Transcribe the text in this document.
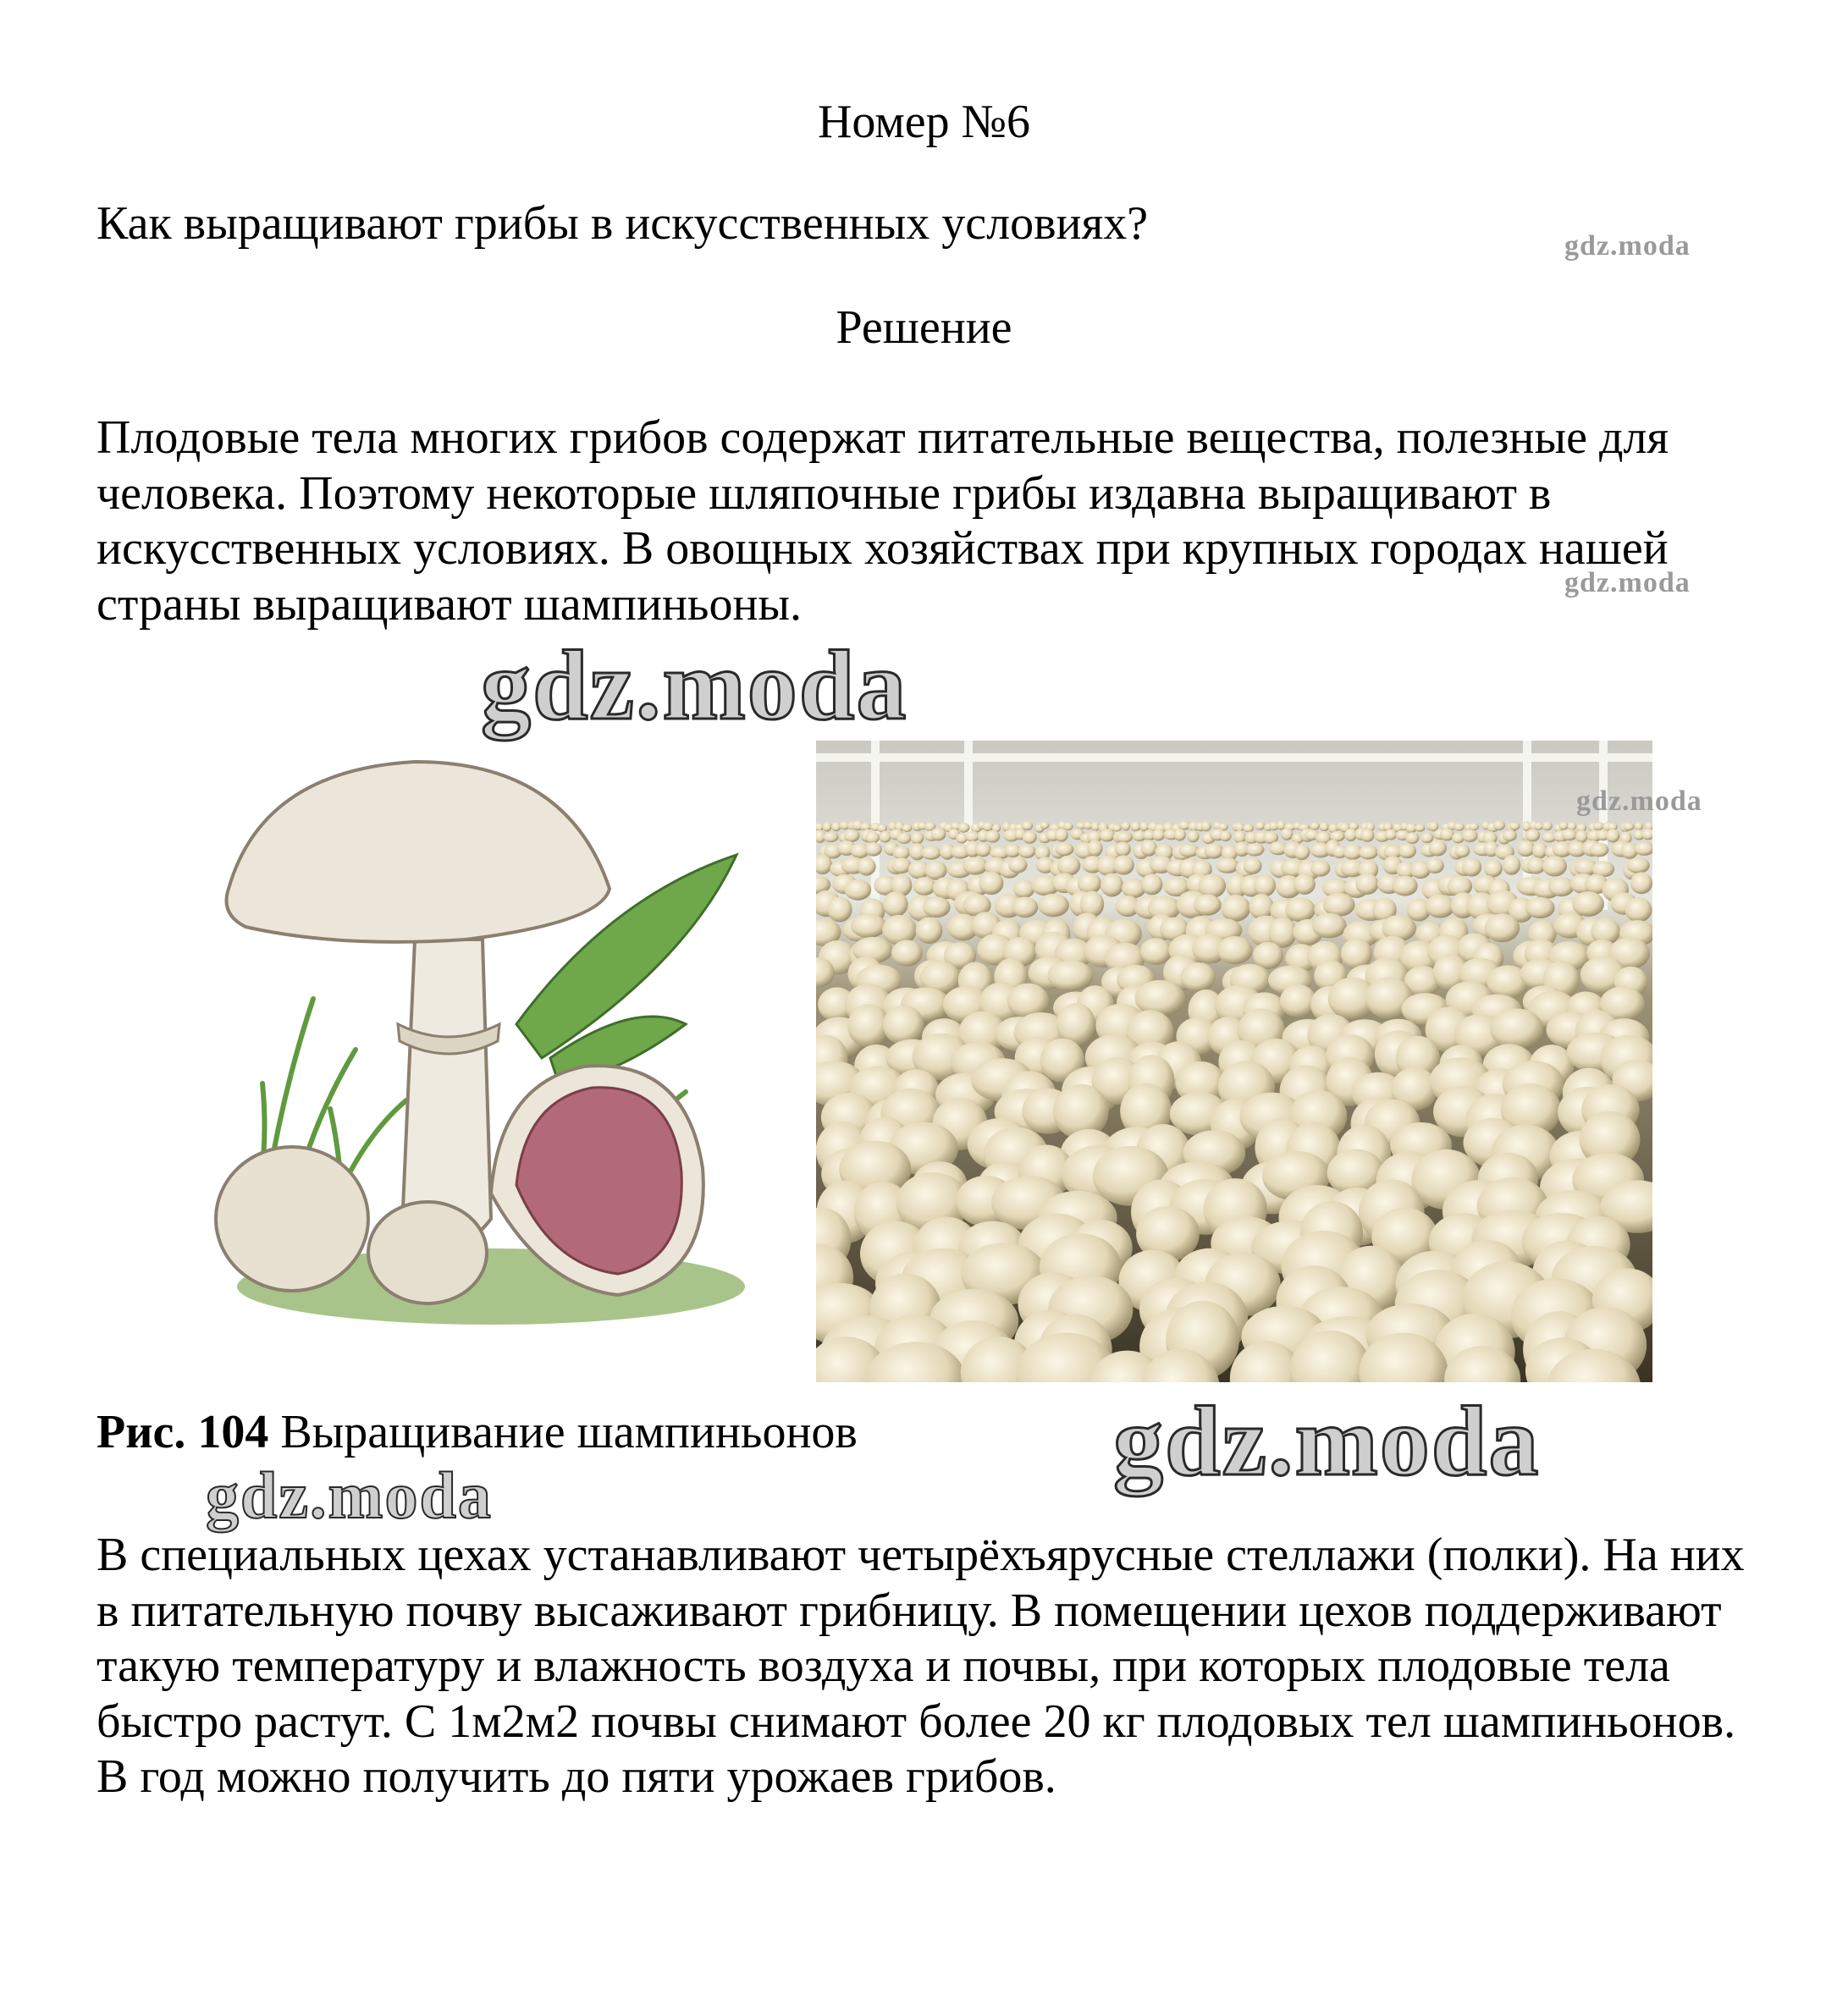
Номер №6

Как выращивают грибы в искусственных условиях?

Решение

Плодовые тела многих грибов содержат питательные вещества, полезные для человека. Поэтому некоторые шляпочные грибы издавна выращивают в искусственных условиях. В овощных хозяйствах при крупных городах нашей страны выращивают шампиньоны.

Рис. 104 Выращивание шампиньонов

В специальных цехах устанавливают четырёхъярусные стеллажи (полки). На них в питательную почву высаживают грибницу. В помещении цехов поддерживают такую температуру и влажность воздуха и почвы, при которых плодовые тела быстро растут. С 1м2м2 почвы снимают более 20 кг плодовых тел шампиньонов. В год можно получить до пяти урожаев грибов.

gdz.moda
gdz.moda
gdz.moda
gdz.moda
gdz.moda
gdz.moda
